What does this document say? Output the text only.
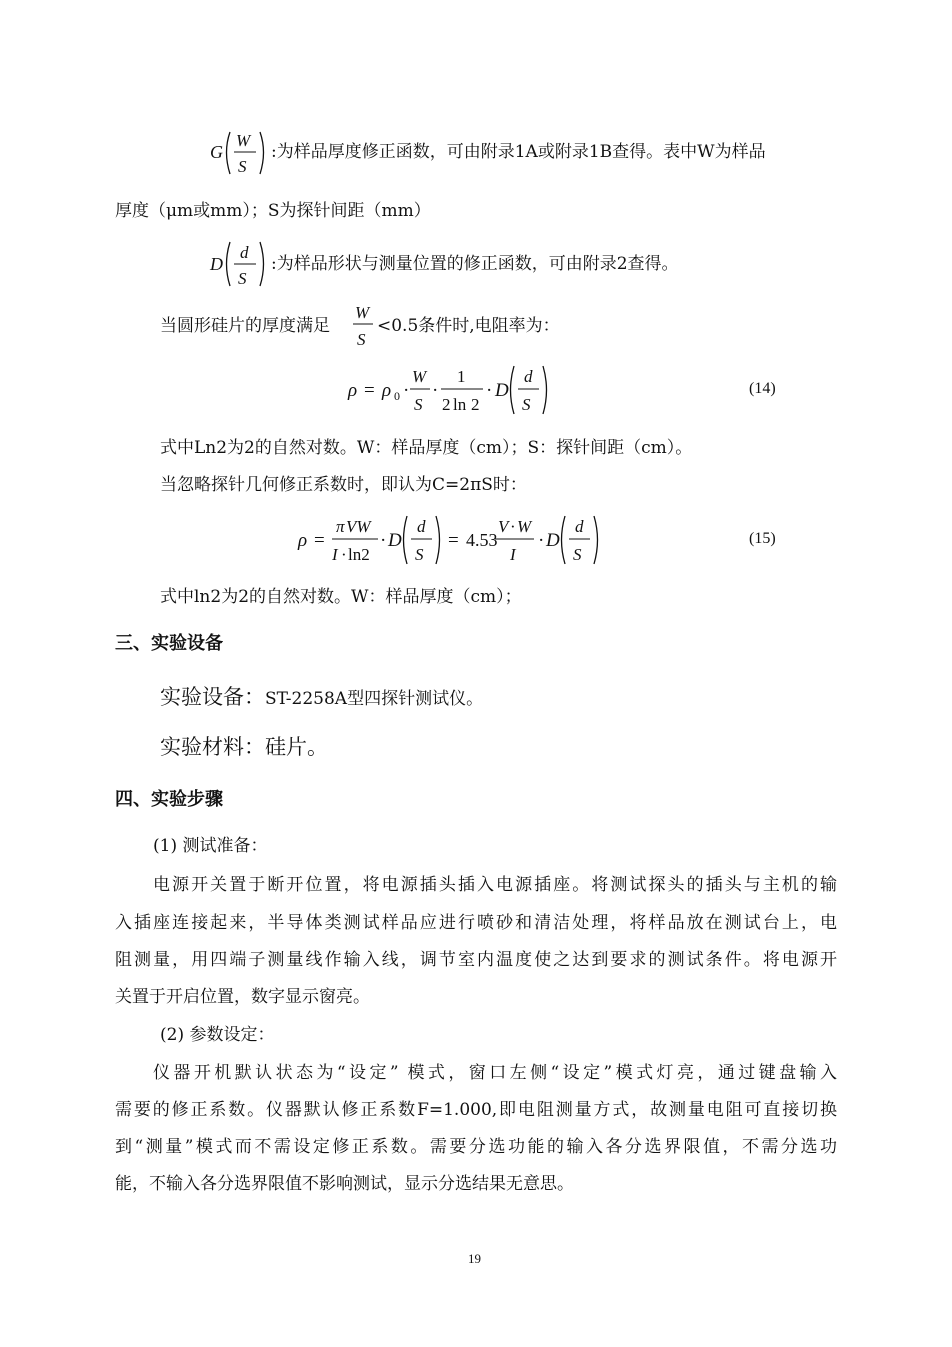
G
W
S
:为样品厚度修正函数，可由附录1A或附录1B查得。表中W为样品
厚度（μm或mm）；S为探针间距（mm）
D
d
S
:为样品形状与测量位置的修正函数，可由附录2查得。
当圆形硅片的厚度满足
W
S
<0.5条件时,电阻率为：
ρ = ρ 0 ·
W
S
·
1
2 ln 2
· D
d
S
(14)
式中Ln2为2的自然对数。W：样品厚度（cm）；S：探针间距（cm）。
当忽略探针几何修正系数时，即认为C=2πS时：
ρ =
π VW
I · ln2
· D
d
S
= 4.53
V · W
I
· D
d
S
(15)
式中ln2为2的自然对数。W：样品厚度（cm）；
三、实验设备
实验设备：ST-2258A型四探针测试仪。
实验材料：硅片。
四、实验步骤
(1) 测试准备：
电源开关置于断开位置，将电源插头插入电源插座。将测试探头的插头与主机的输
入插座连接起来，半导体类测试样品应进行喷砂和清洁处理，将样品放在测试台上，电
阻测量，用四端子测量线作输入线，调节室内温度使之达到要求的测试条件。将电源开
关置于开启位置，数字显示窗亮。
(2) 参数设定：
仪器开机默认状态为“设定” 模式，窗口左侧“设定”模式灯亮，通过键盘输入
需要的修正系数。仪器默认修正系数F=1.000,即电阻测量方式，故测量电阻可直接切换
到“测量”模式而不需设定修正系数。需要分选功能的输入各分选界限值，不需分选功
能，不输入各分选界限值不影响测试，显示分选结果无意思。
19
